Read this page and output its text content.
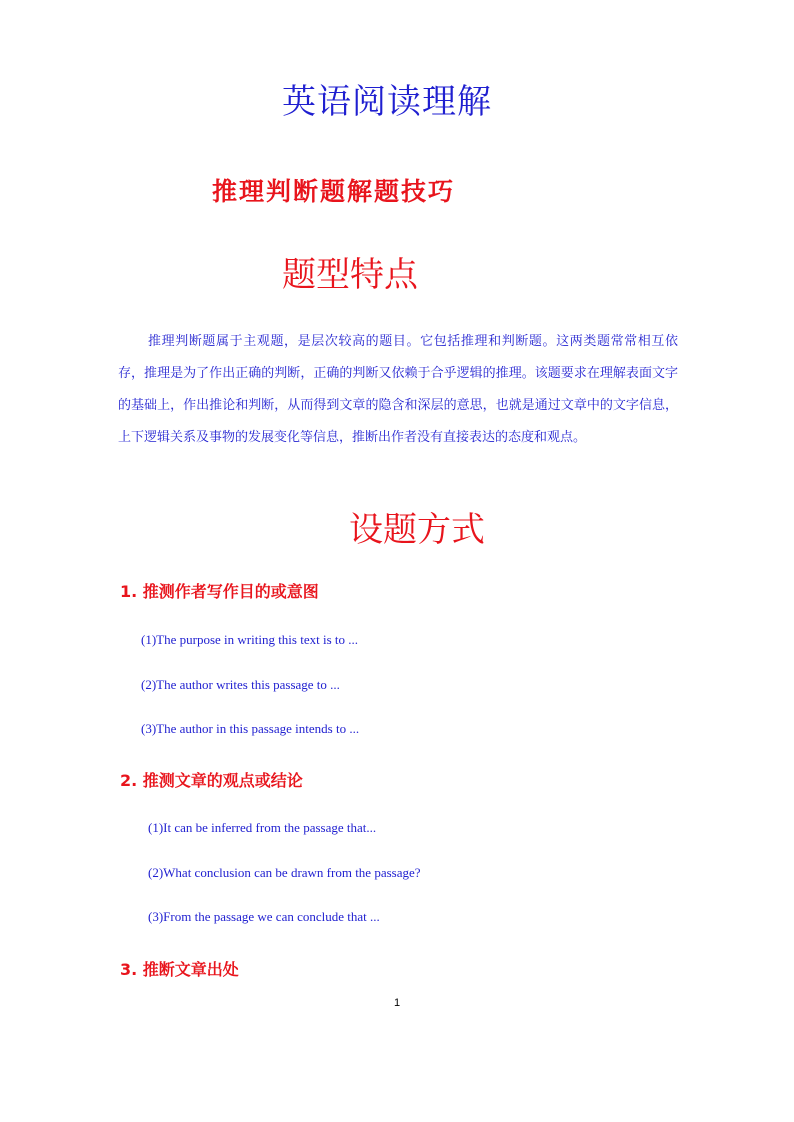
英语阅读理解
推理判断题解题技巧
题型特点
推理判断题属于主观题，是层次较高的题目。它包括推理和判断题。这两类题常常相互依存，推理是为了作出正确的判断，正确的判断又依赖于合乎逻辑的推理。该题要求在理解表面文字的基础上，作出推论和判断，从而得到文章的隐含和深层的意思，也就是通过文章中的文字信息，上下逻辑关系及事物的发展变化等信息，推断出作者没有直接表达的态度和观点。
设题方式
1. 推测作者写作目的或意图
(1)The purpose in writing this text is to ...
(2)The author writes this passage to ...
(3)The author in this passage intends to ...
2. 推测文章的观点或结论
(1)It can be inferred from the passage that...
(2)What conclusion can be drawn from the passage?
(3)From the passage we can conclude that ...
3. 推断文章出处
1
